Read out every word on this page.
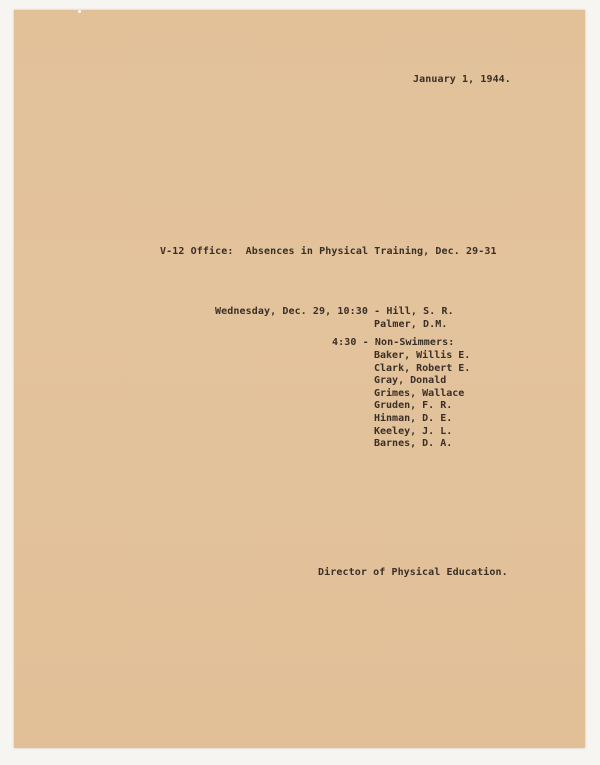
January 1, 1944.
V-12 Office:  Absences in Physical Training, Dec. 29-31
Wednesday, Dec. 29, 10:30 - Hill, S. R.
Palmer, D.M.
4:30 - Non-Swimmers:
Baker, Willis E.
Clark, Robert E.
Gray, Donald
Grimes, Wallace
Gruden, F. R.
Hinman, D. E.
Keeley, J. L.
Barnes, D. A.
Director of Physical Education.
